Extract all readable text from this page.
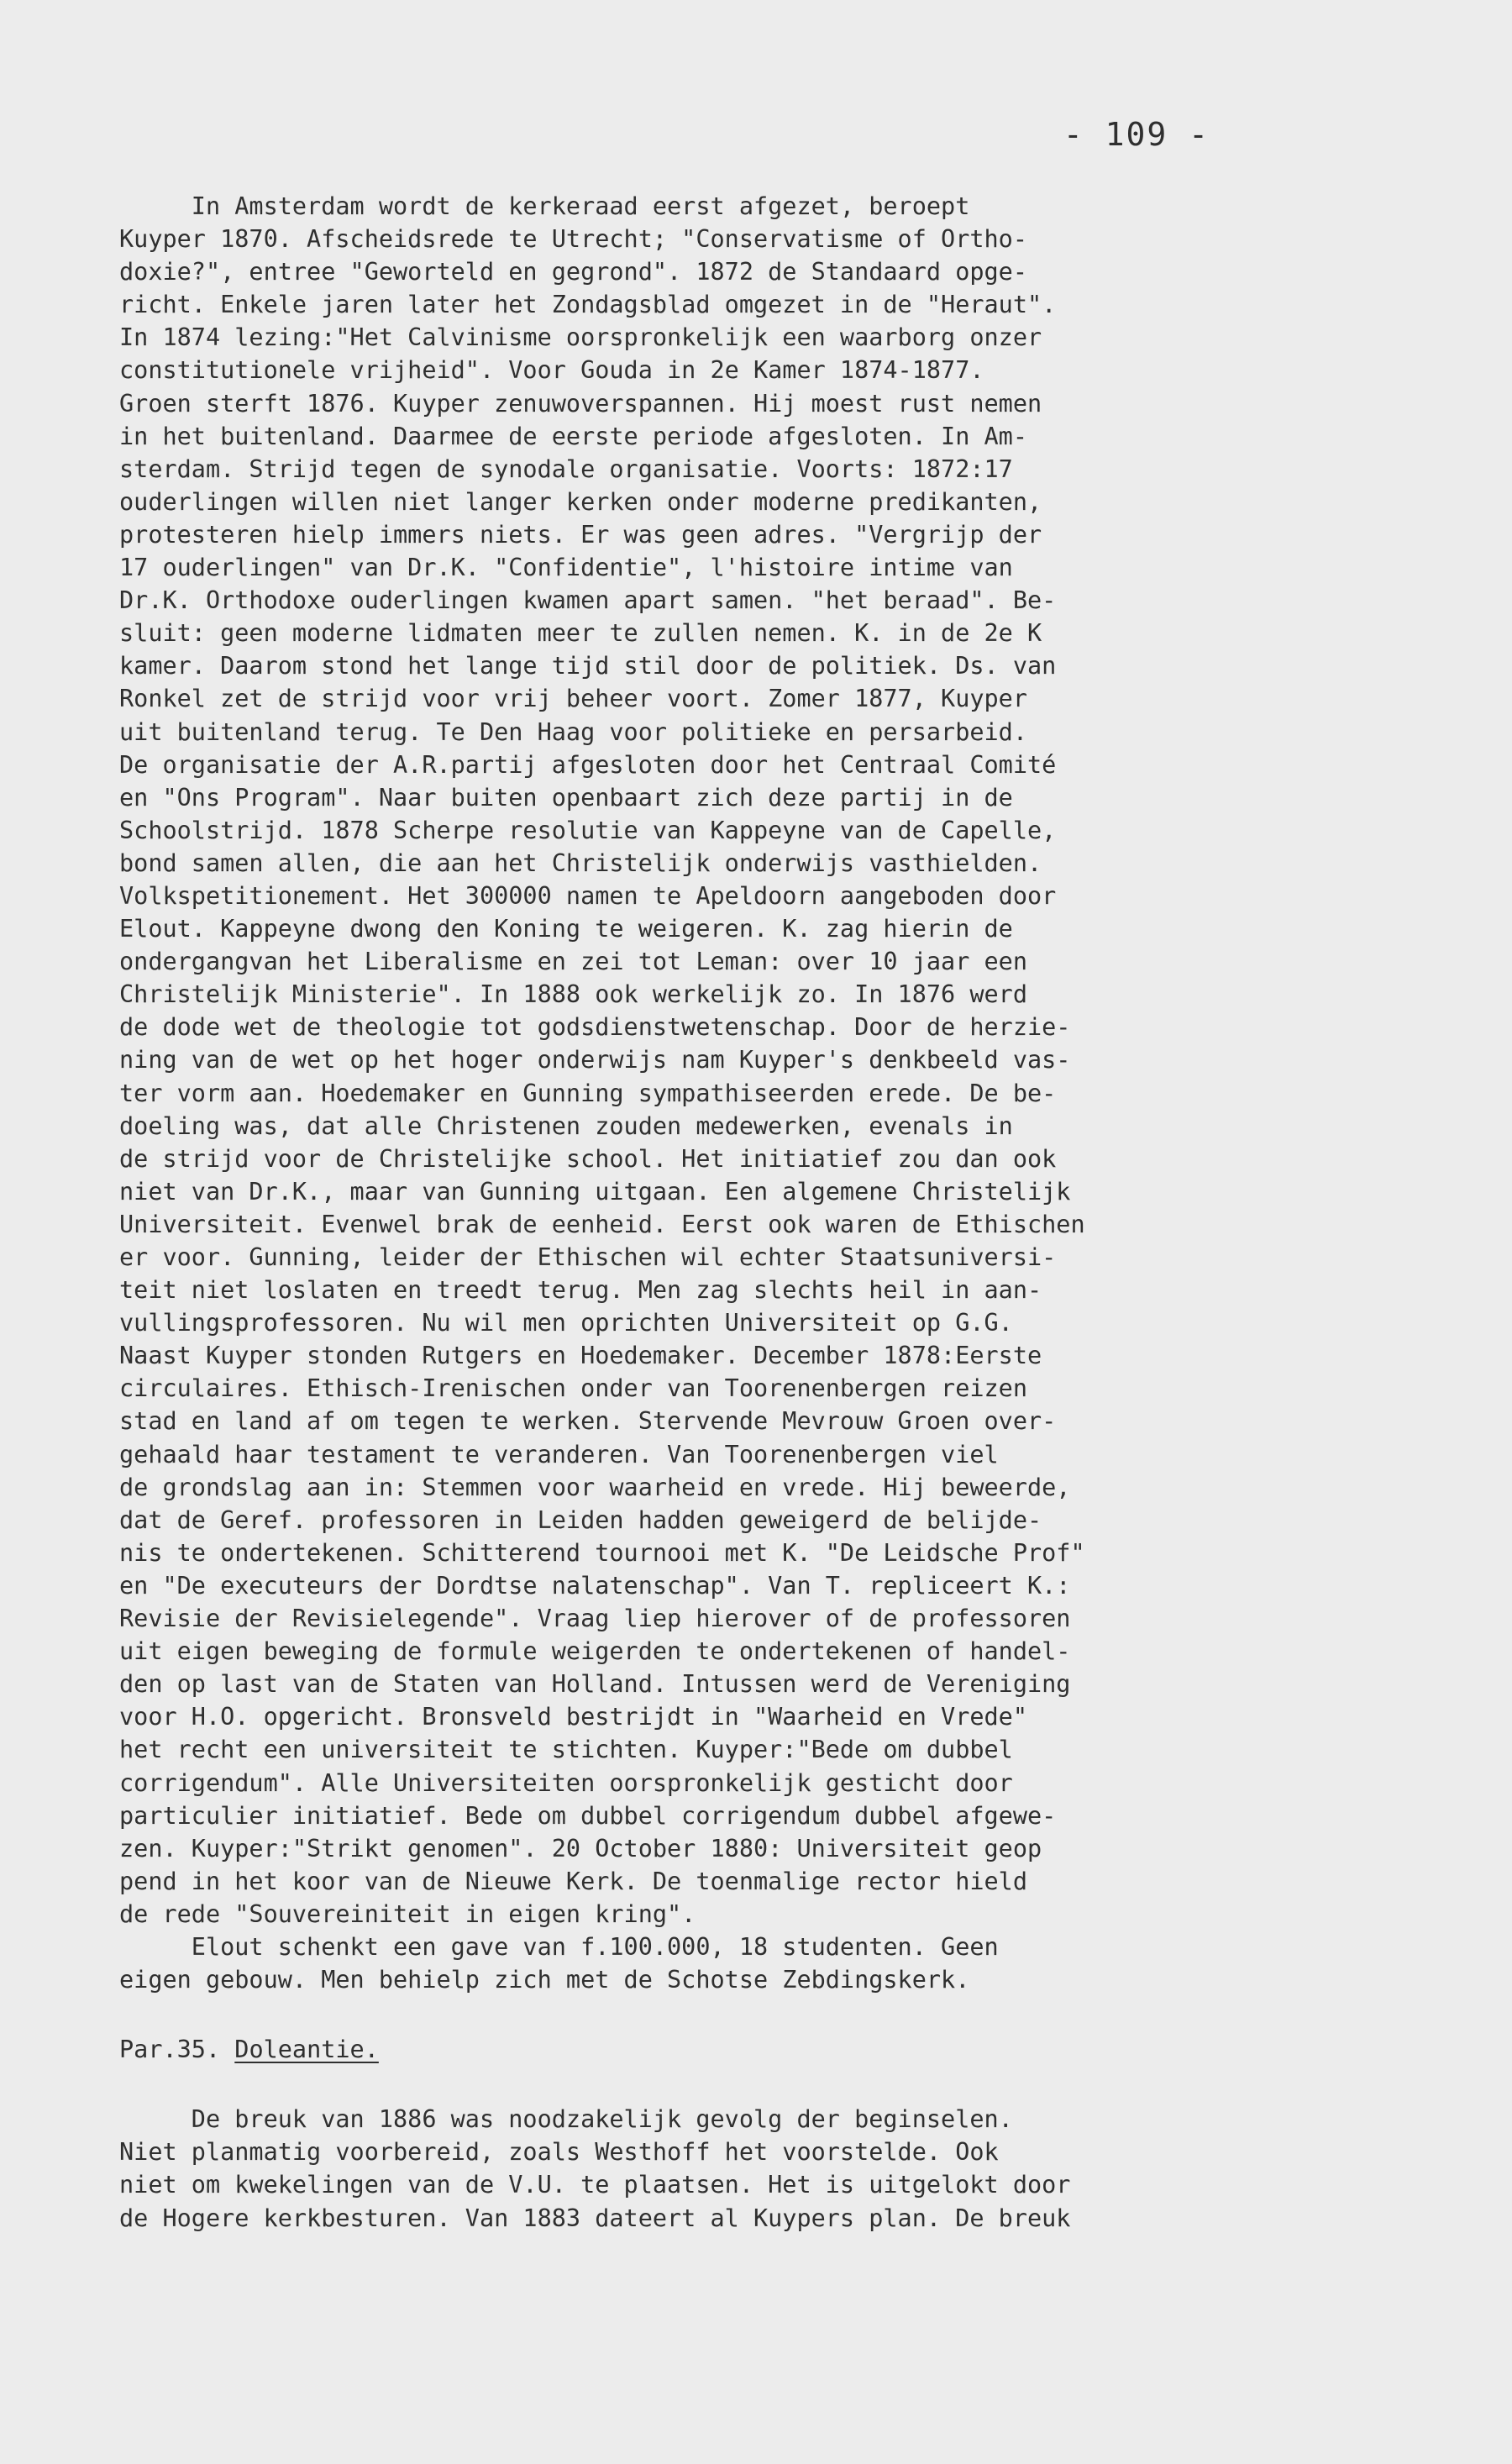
- 109 -
In Amsterdam wordt de kerkeraad eerst afgezet, beroept
Kuyper 1870. Afscheidsrede te Utrecht; "Conservatisme of Ortho-
doxie?", entree "Geworteld en gegrond". 1872 de Standaard opge-
richt. Enkele jaren later het Zondagsblad omgezet in de "Heraut".
In 1874 lezing:"Het Calvinisme oorspronkelijk een waarborg onzer
constitutionele vrijheid". Voor Gouda in 2e Kamer 1874-1877.
Groen sterft 1876. Kuyper zenuwoverspannen. Hij moest rust nemen
in het buitenland. Daarmee de eerste periode afgesloten. In Am-
sterdam. Strijd tegen de synodale organisatie. Voorts: 1872:17
ouderlingen willen niet langer kerken onder moderne predikanten,
protesteren hielp immers niets. Er was geen adres. "Vergrijp der
17 ouderlingen" van Dr.K. "Confidentie", l'histoire intime van
Dr.K. Orthodoxe ouderlingen kwamen apart samen. "het beraad". Be-
sluit: geen moderne lidmaten meer te zullen nemen. K. in de 2e K
kamer. Daarom stond het lange tijd stil door de politiek. Ds. van
Ronkel zet de strijd voor vrij beheer voort. Zomer 1877, Kuyper
uit buitenland terug. Te Den Haag voor politieke en persarbeid.
De organisatie der A.R.partij afgesloten door het Centraal Comité
en "Ons Program". Naar buiten openbaart zich deze partij in de
Schoolstrijd. 1878 Scherpe resolutie van Kappeyne van de Capelle,
bond samen allen, die aan het Christelijk onderwijs vasthielden.
Volkspetitionement. Het 300000 namen te Apeldoorn aangeboden door
Elout. Kappeyne dwong den Koning te weigeren. K. zag hierin de
ondergangvan het Liberalisme en zei tot Leman: over 10 jaar een
Christelijk Ministerie". In 1888 ook werkelijk zo. In 1876 werd
de dode wet de theologie tot godsdienstwetenschap. Door de herzie-
ning van de wet op het hoger onderwijs nam Kuyper's denkbeeld vas-
ter vorm aan. Hoedemaker en Gunning sympathiseerden erede. De be-
doeling was, dat alle Christenen zouden medewerken, evenals in
de strijd voor de Christelijke school. Het initiatief zou dan ook
niet van Dr.K., maar van Gunning uitgaan. Een algemene Christelijk
Universiteit. Evenwel brak de eenheid. Eerst ook waren de Ethischen
er voor. Gunning, leider der Ethischen wil echter Staatsuniversi-
teit niet loslaten en treedt terug. Men zag slechts heil in aan-
vullingsprofessoren. Nu wil men oprichten Universiteit op G.G.
Naast Kuyper stonden Rutgers en Hoedemaker. December 1878:Eerste
circulaires. Ethisch-Irenischen onder van Toorenenbergen reizen
stad en land af om tegen te werken. Stervende Mevrouw Groen over-
gehaald haar testament te veranderen. Van Toorenenbergen viel
de grondslag aan in: Stemmen voor waarheid en vrede. Hij beweerde,
dat de Geref. professoren in Leiden hadden geweigerd de belijde-
nis te ondertekenen. Schitterend tournooi met K. "De Leidsche Prof"
en "De executeurs der Dordtse nalatenschap". Van T. repliceert K.:
Revisie der Revisielegende". Vraag liep hierover of de professoren
uit eigen beweging de formule weigerden te ondertekenen of handel-
den op last van de Staten van Holland. Intussen werd de Vereniging
voor H.O. opgericht. Bronsveld bestrijdt in "Waarheid en Vrede"
het recht een universiteit te stichten. Kuyper:"Bede om dubbel
corrigendum". Alle Universiteiten oorspronkelijk gesticht door
particulier initiatief. Bede om dubbel corrigendum dubbel afgewe-
zen. Kuyper:"Strikt genomen". 20 October 1880: Universiteit geop
pend in het koor van de Nieuwe Kerk. De toenmalige rector hield
de rede "Souvereiniteit in eigen kring".
Elout schenkt een gave van f.100.000, 18 studenten. Geen
eigen gebouw. Men behielp zich met de Schotse Zebdingskerk.
Par.35. Doleantie.
De breuk van 1886 was noodzakelijk gevolg der beginselen.
Niet planmatig voorbereid, zoals Westhoff het voorstelde. Ook
niet om kwekelingen van de V.U. te plaatsen. Het is uitgelokt door
de Hogere kerkbesturen. Van 1883 dateert al Kuypers plan. De breuk
